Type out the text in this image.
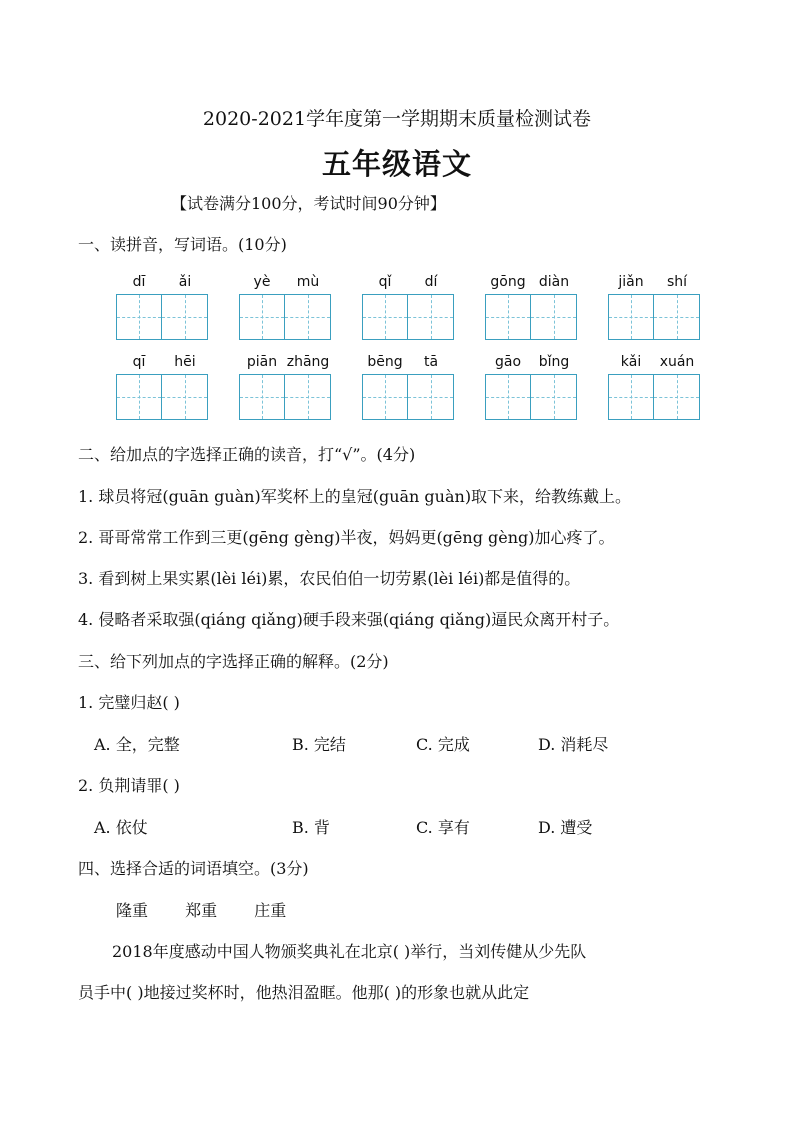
2020-2021学年度第一学期期末质量检测试卷
五年级语文
【试卷满分100分，考试时间90分钟】
一、读拼音，写词语。(10分)
dī	ǎi	yè	mù	qǐ	dí	gōng diàn	jiǎn	shí
qī	hēi	piān zhāng	bēng	tā	gāo	bǐng	kǎi	xuán
二、给加点的字选择正确的读音，打“√”。(4分)
1. 球员将冠(guān guàn)军奖杯上的皇冠(guān guàn)取下来，给教练戴上。
2. 哥哥常常工作到三更(gēng gèng)半夜，妈妈更(gēng gèng)加心疼了。
3. 看到树上果实累(lèi léi)累，农民伯伯一切劳累(lèi léi)都是值得的。
4. 侵略者采取强(qiáng qiǎng)硬手段来强(qiáng qiǎng)逼民众离开村子。
三、给下列加点的字选择正确的解释。(2分)
1. 完璧归赵( )
A. 全，完整	B. 完结	C. 完成	D. 消耗尽
2. 负荆请罪( )
A. 依仗	B. 背	C. 享有	D. 遭受
四、选择合适的词语填空。(3分)
隆重 郑重 庄重
2018年度感动中国人物颁奖典礼在北京( )举行，当刘传健从少先队
员手中( )地接过奖杯时，他热泪盈眶。他那( )的形象也就从此定
